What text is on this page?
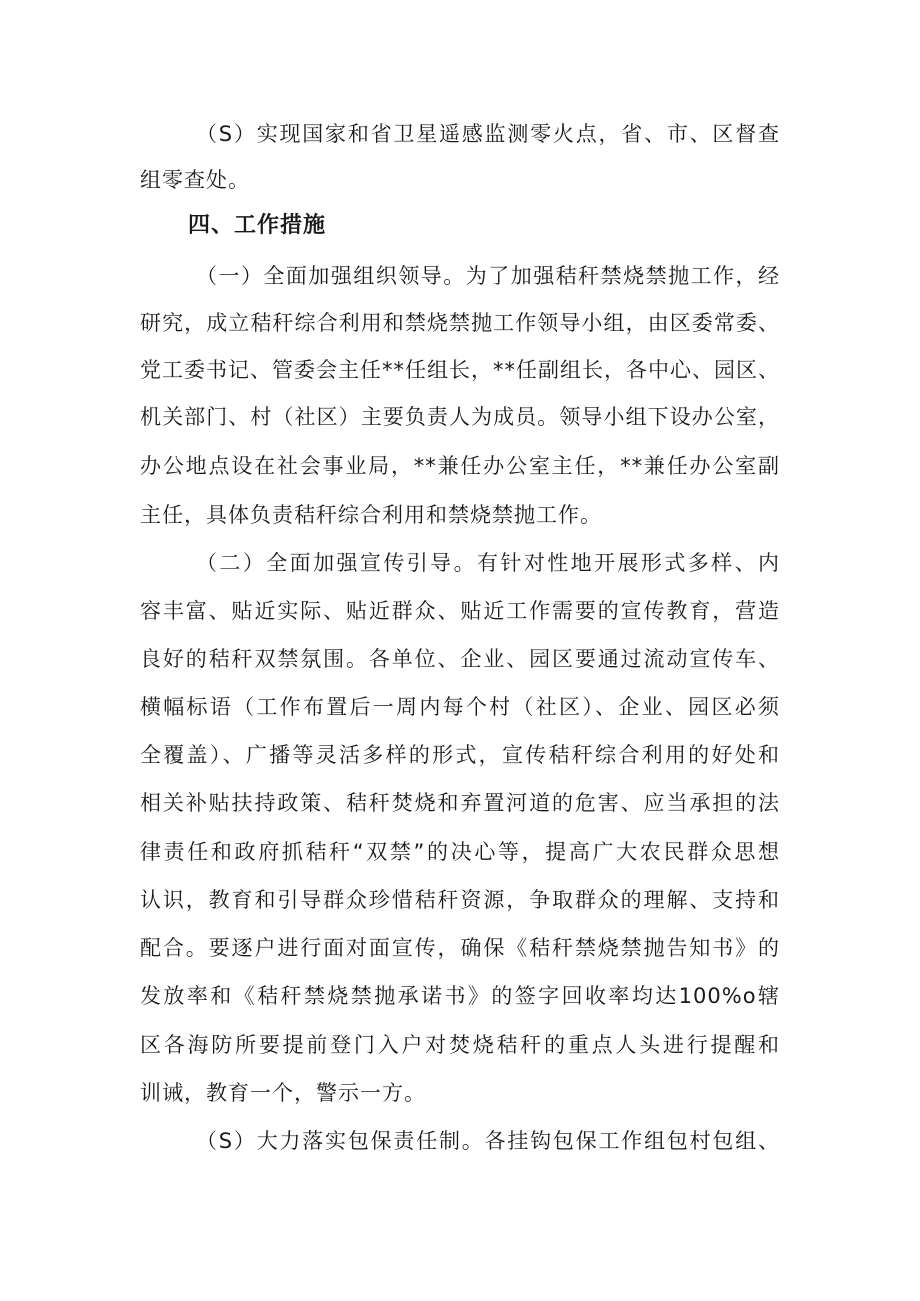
（S）实现国家和省卫星遥感监测零火点，省、市、区督查
组零查处。
四、工作措施
（一）全面加强组织领导。为了加强秸秆禁烧禁抛工作，经
研究，成立秸秆综合利用和禁烧禁抛工作领导小组，由区委常委、
党工委书记、管委会主任**任组长，**任副组长，各中心、园区、
机关部门、村（社区）主要负责人为成员。领导小组下设办公室，
办公地点设在社会事业局，**兼任办公室主任，**兼任办公室副
主任，具体负责秸秆综合利用和禁烧禁抛工作。
（二）全面加强宣传引导。有针对性地开展形式多样、内
容丰富、贴近实际、贴近群众、贴近工作需要的宣传教育，营造
良好的秸秆双禁氛围。各单位、企业、园区要通过流动宣传车、
横幅标语（工作布置后一周内每个村（社区）、企业、园区必须
全覆盖）、广播等灵活多样的形式，宣传秸秆综合利用的好处和
相关补贴扶持政策、秸秆焚烧和弃置河道的危害、应当承担的法
律责任和政府抓秸秆“双禁”的决心等，提高广大农民群众思想
认识，教育和引导群众珍惜秸秆资源，争取群众的理解、支持和
配合。要逐户进行面对面宣传，确保《秸秆禁烧禁抛告知书》的
发放率和《秸秆禁烧禁抛承诺书》的签字回收率均达100%o辖
区各海防所要提前登门入户对焚烧秸秆的重点人头进行提醒和
训诫，教育一个，警示一方。
（S）大力落实包保责任制。各挂钩包保工作组包村包组、
